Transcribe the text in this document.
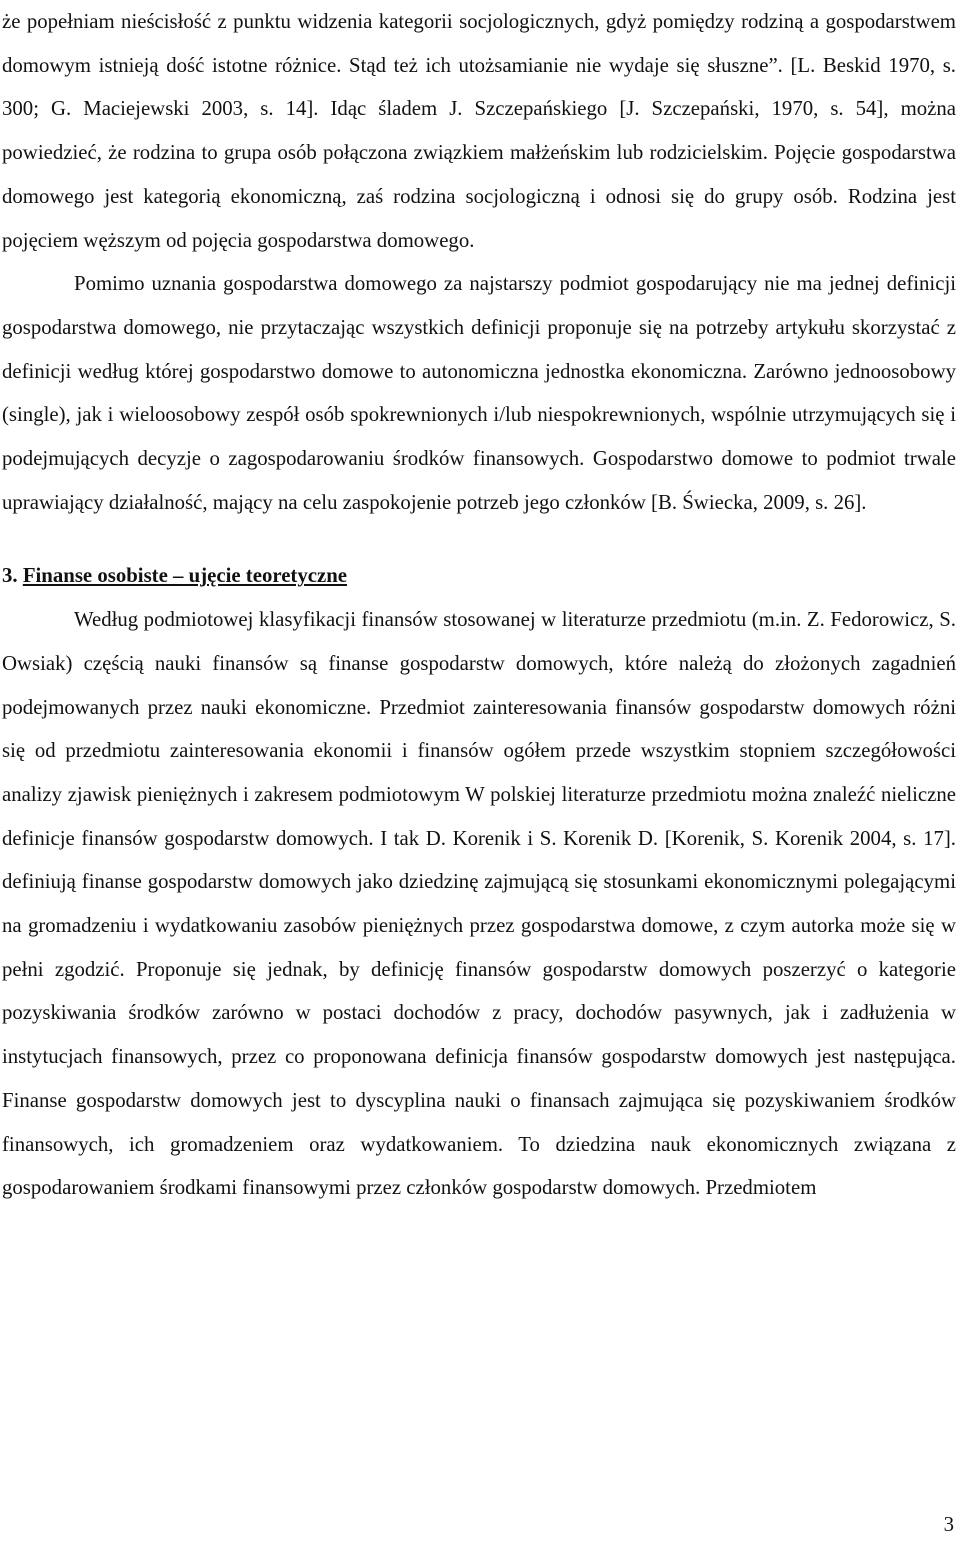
że popełniam nieścisłość z punktu widzenia kategorii socjologicznych, gdyż pomiędzy rodziną a gospodarstwem domowym istnieją dość istotne różnice. Stąd też ich utożsamianie nie wydaje się słuszne”. [L. Beskid 1970, s. 300; G. Maciejewski 2003, s. 14]. Idąc śladem J. Szczepańskiego [J. Szczepański, 1970, s. 54], można powiedzieć, że rodzina to grupa osób połączona związkiem małżeńskim lub rodzicielskim. Pojęcie gospodarstwa domowego jest kategorią ekonomiczną, zaś rodzina socjologiczną i odnosi się do grupy osób. Rodzina jest pojęciem węższym od pojęcia gospodarstwa domowego.

Pomimo uznania gospodarstwa domowego za najstarszy podmiot gospodarujący nie ma jednej definicji gospodarstwa domowego, nie przytaczając wszystkich definicji proponuje się na potrzeby artykułu skorzystać z definicji według której gospodarstwo domowe to autonomiczna jednostka ekonomiczna. Zarówno jednoosobowy (single), jak i wieloosobowy zespół osób spokrewnionych i/lub niespokrewnionych, wspólnie utrzymujących się i podejmujących decyzje o zagospodarowaniu środków finansowych. Gospodarstwo domowe to podmiot trwale uprawiający działalność, mający na celu zaspokojenie potrzeb jego członków [B. Świecka, 2009, s. 26].

3. Finanse osobiste – ujęcie teoretyczne

Według podmiotowej klasyfikacji finansów stosowanej w literaturze przedmiotu (m.in. Z. Fedorowicz, S. Owsiak) częścią nauki finansów są finanse gospodarstw domowych, które należą do złożonych zagadnień podejmowanych przez nauki ekonomiczne. Przedmiot zainteresowania finansów gospodarstw domowych różni się od przedmiotu zainteresowania ekonomii i finansów ogółem przede wszystkim stopniem szczegółowości analizy zjawisk pieniężnych i zakresem podmiotowym W polskiej literaturze przedmiotu można znaleźć nieliczne definicje finansów gospodarstw domowych. I tak D. Korenik i S. Korenik D. [Korenik, S. Korenik 2004, s. 17]. definiują finanse gospodarstw domowych jako dziedzinę zajmującą się stosunkami ekonomicznymi polegającymi na gromadzeniu i wydatkowaniu zasobów pieniężnych przez gospodarstwa domowe, z czym autorka może się w pełni zgodzić. Proponuje się jednak, by definicję finansów gospodarstw domowych poszerzyć o kategorie pozyskiwania środków zarówno w postaci dochodów z pracy, dochodów pasywnych, jak i zadłużenia w instytucjach finansowych, przez co proponowana definicja finansów gospodarstw domowych jest następująca. Finanse gospodarstw domowych jest to dyscyplina nauki o finansach zajmująca się pozyskiwaniem środków finansowych, ich gromadzeniem oraz wydatkowaniem. To dziedzina nauk ekonomicznych związana z gospodarowaniem środkami finansowymi przez członków gospodarstw domowych. Przedmiotem

3
